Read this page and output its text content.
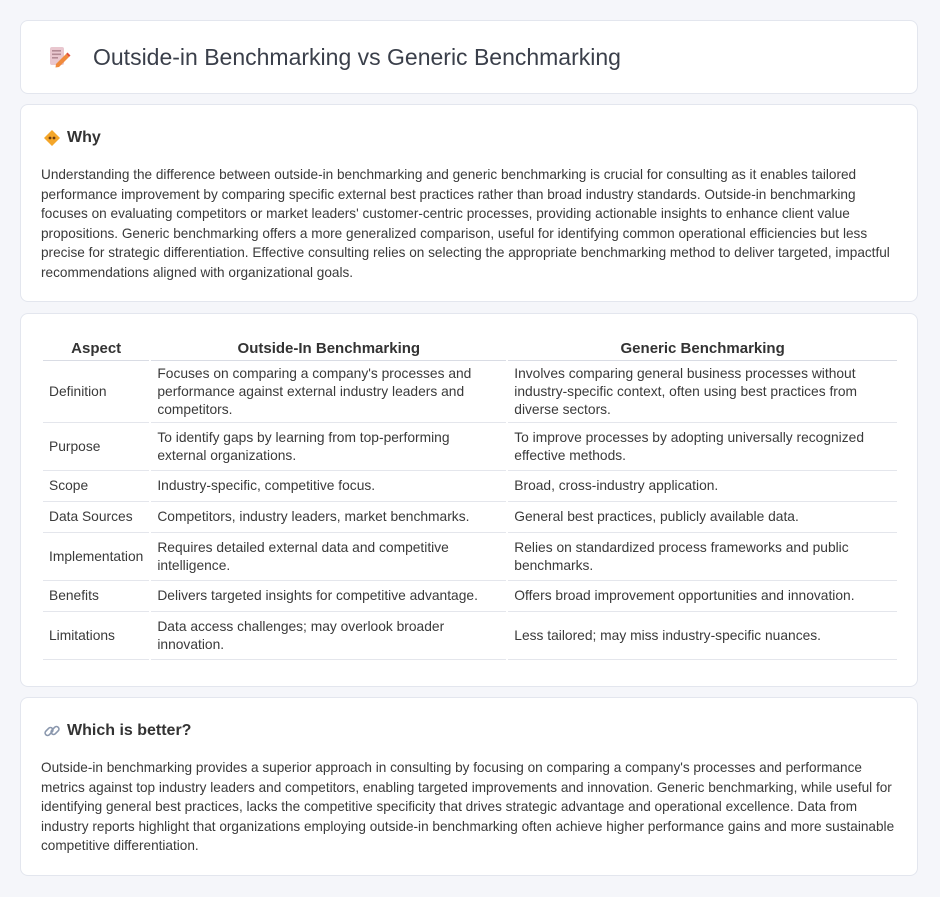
Outside-in Benchmarking vs Generic Benchmarking
Why

Understanding the difference between outside-in benchmarking and generic benchmarking is crucial for consulting as it enables tailored performance improvement by comparing specific external best practices rather than broad industry standards. Outside-in benchmarking focuses on evaluating competitors or market leaders' customer-centric processes, providing actionable insights to enhance client value propositions. Generic benchmarking offers a more generalized comparison, useful for identifying common operational efficiencies but less precise for strategic differentiation. Effective consulting relies on selecting the appropriate benchmarking method to deliver targeted, impactful recommendations aligned with organizational goals.

Aspect	Outside-In Benchmarking	Generic Benchmarking
Definition	Focuses on comparing a company's processes and performance against external industry leaders and competitors.	Involves comparing general business processes without industry-specific context, often using best practices from diverse sectors.
Purpose	To identify gaps by learning from top-performing external organizations.	To improve processes by adopting universally recognized effective methods.
Scope	Industry-specific, competitive focus.	Broad, cross-industry application.
Data Sources	Competitors, industry leaders, market benchmarks.	General best practices, publicly available data.
Implementation	Requires detailed external data and competitive intelligence.	Relies on standardized process frameworks and public benchmarks.
Benefits	Delivers targeted insights for competitive advantage.	Offers broad improvement opportunities and innovation.
Limitations	Data access challenges; may overlook broader innovation.	Less tailored; may miss industry-specific nuances.
Which is better?

Outside-in benchmarking provides a superior approach in consulting by focusing on comparing a company's processes and performance metrics against top industry leaders and competitors, enabling targeted improvements and innovation. Generic benchmarking, while useful for identifying general best practices, lacks the competitive specificity that drives strategic advantage and operational excellence. Data from industry reports highlight that organizations employing outside-in benchmarking often achieve higher performance gains and more sustainable competitive differentiation.
